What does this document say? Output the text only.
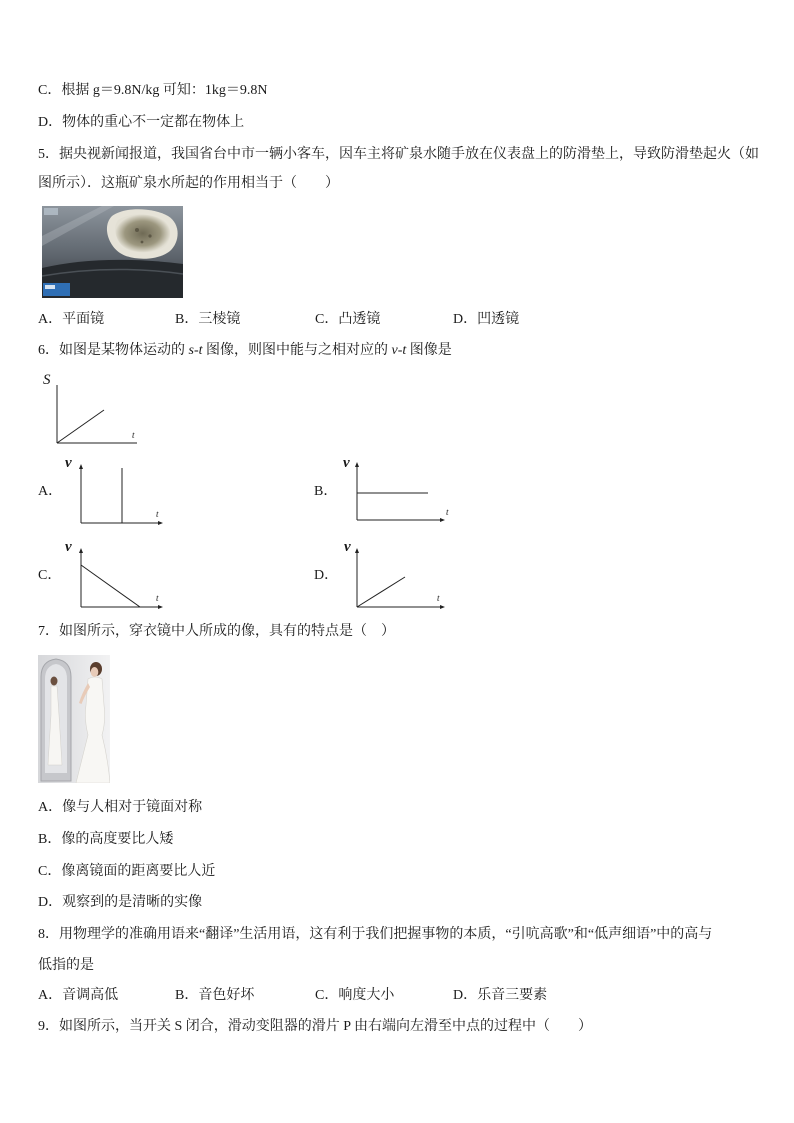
C．根据 g＝9.8N/kg 可知：1kg＝9.8N
D．物体的重心不一定都在物体上
5．据央视新闻报道，我国省台中市一辆小客车，因车主将矿泉水随手放在仪表盘上的防滑垫上，导致防滑垫起火（如
图所示）．这瓶矿泉水所起的作用相当于（　　）
A．平面镜	B．三棱镜	C．凸透镜	D．凹透镜
6．如图是某物体运动的 s-t 图像，则图中能与之相对应的 v-t 图像是
S
t
A．
v
t
B．
v
t
C．
v
t
D．
v
t
7．如图所示，穿衣镜中人所成的像，具有的特点是（　）
A．像与人相对于镜面对称
B．像的高度要比人矮
C．像离镜面的距离要比人近
D．观察到的是清晰的实像
8．用物理学的准确用语来“翻译”生活用语，这有利于我们把握事物的本质，“引吭高歌”和“低声细语”中的高与
低指的是
A．音调高低	B．音色好坏	C．响度大小	D．乐音三要素
9．如图所示，当开关 S 闭合，滑动变阻器的滑片 P 由右端向左滑至中点的过程中（　　）
